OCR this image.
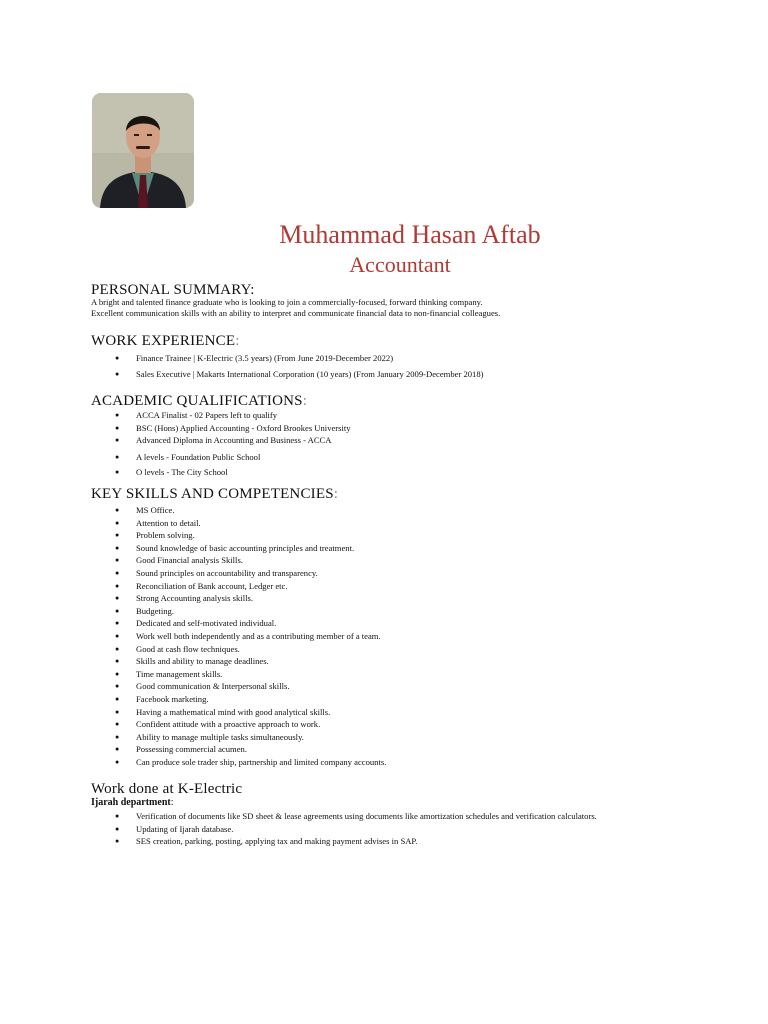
Muhammad Hasan Aftab
Accountant
PERSONAL SUMMARY:
A bright and talented finance graduate who is looking to join a commercially-focused, forward thinking company.
Excellent communication skills with an ability to interpret and communicate financial data to non-financial colleagues.
WORK EXPERIENCE:
● Finance Trainee | K-Electric (3.5 years) (From June 2019-December 2022)
● Sales Executive | Makarts International Corporation (10 years) (From January 2009-December 2018)
ACADEMIC QUALIFICATIONS:
● ACCA Finalist - 02 Papers left to qualify
● BSC (Hons) Applied Accounting - Oxford Brookes University
● Advanced Diploma in Accounting and Business - ACCA
● A levels - Foundation Public School
● O levels - The City School
KEY SKILLS AND COMPETENCIES:
● MS Office.
● Attention to detail.
● Problem solving.
● Sound knowledge of basic accounting principles and treatment.
● Good Financial analysis Skills.
● Sound principles on accountability and transparency.
● Reconciliation of Bank account, Ledger etc.
● Strong Accounting analysis skills.
● Budgeting.
● Dedicated and self-motivated individual.
● Work well both independently and as a contributing member of a team.
● Good at cash flow techniques.
● Skills and ability to manage deadlines.
● Time management skills.
● Good communication & Interpersonal skills.
● Facebook marketing.
● Having a mathematical mind with good analytical skills.
● Confident attitude with a proactive approach to work.
● Ability to manage multiple tasks simultaneously.
● Possessing commercial acumen.
● Can produce sole trader ship, partnership and limited company accounts.
Work done at K-Electric
Ijarah department:
● Verification of documents like SD sheet & lease agreements using documents like amortization schedules and verification calculators.
● Updating of Ijarah database.
● SES creation, parking, posting, applying tax and making payment advises in SAP.
